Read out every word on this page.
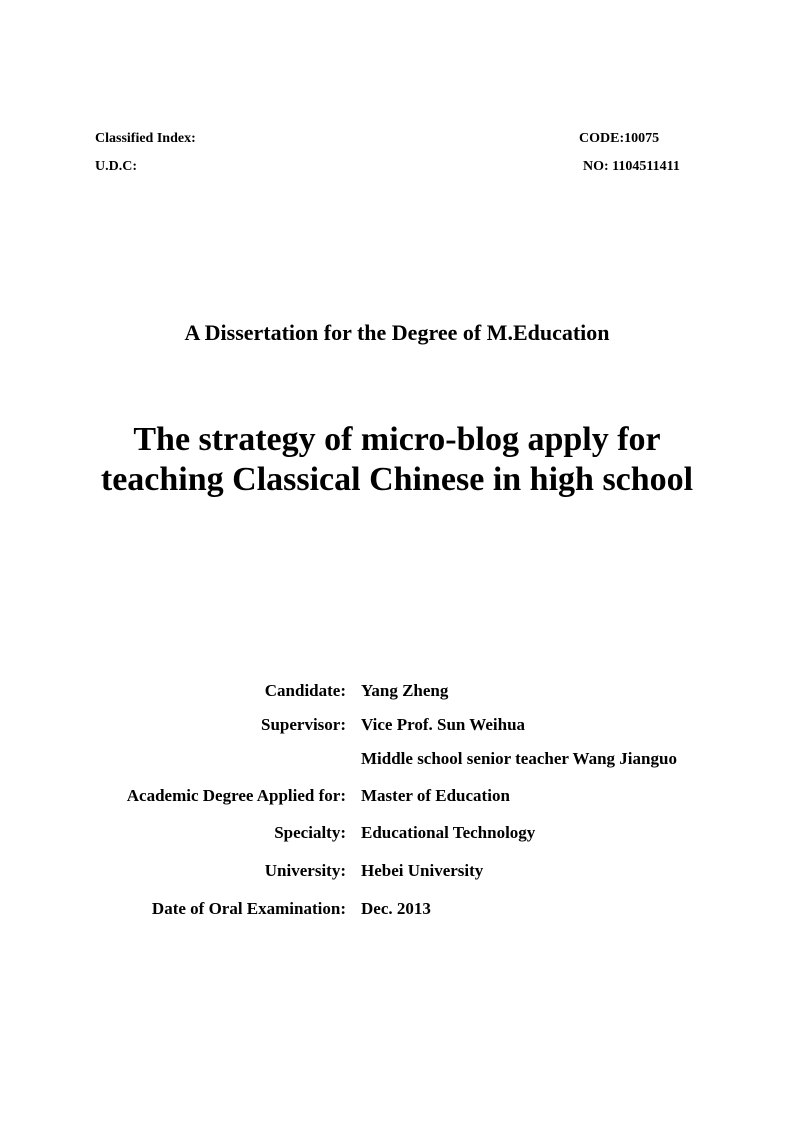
Classified Index:
U.D.C:
CODE:10075
NO: 1104511411
A Dissertation for the Degree of M.Education
The strategy of micro-blog apply for
teaching Classical Chinese in high school
Candidate: Yang Zheng
Supervisor: Vice Prof. Sun Weihua
Middle school senior teacher Wang Jianguo
Academic Degree Applied for: Master of Education
Specialty: Educational Technology
University: Hebei University
Date of Oral Examination: Dec. 2013
